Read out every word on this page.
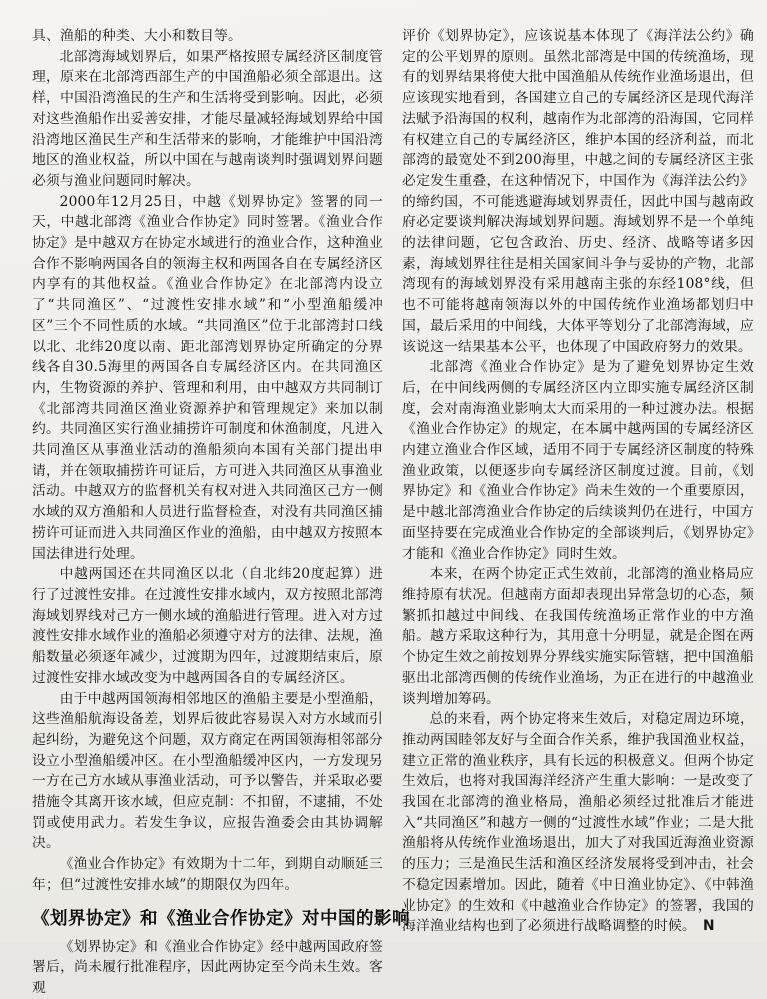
具、渔船的种类、大小和数目等。

北部湾海域划界后，如果严格按照专属经济区制度管理，原来在北部湾西部生产的中国渔船必须全部退出。这样，中国沿湾渔民的生产和生活将受到影响。因此，必须对这些渔船作出妥善安排，才能尽量减轻海域划界给中国沿湾地区渔民生产和生活带来的影响，才能维护中国沿湾地区的渔业权益，所以中国在与越南谈判时强调划界问题必须与渔业问题同时解决。

2000年12月25日，中越《划界协定》签署的同一天，中越北部湾《渔业合作协定》同时签署。《渔业合作协定》是中越双方在协定水域进行的渔业合作，这种渔业合作不影响两国各自的领海主权和两国各自在专属经济区内享有的其他权益。《渔业合作协定》在北部湾内设立了“共同渔区”、“过渡性安排水域”和“小型渔船缓冲区”三个不同性质的水域。“共同渔区”位于北部湾封口线以北、北纬20度以南、距北部湾划界协定所确定的分界线各自30.5海里的两国各自专属经济区内。在共同渔区内，生物资源的养护、管理和利用，由中越双方共同制订《北部湾共同渔区渔业资源养护和管理规定》来加以制约。共同渔区实行渔业捕捞许可制度和休渔制度，凡进入共同渔区从事渔业活动的渔船须向本国有关部门提出申请，并在领取捕捞许可证后，方可进入共同渔区从事渔业活动。中越双方的监督机关有权对进入共同渔区己方一侧水域的双方渔船和人员进行监督检查，对没有共同渔区捕捞许可证而进入共同渔区作业的渔船，由中越双方按照本国法律进行处理。

中越两国还在共同渔区以北（自北纬20度起算）进行了过渡性安排。在过渡性安排水域内，双方按照北部湾海域划界线对己方一侧水域的渔船进行管理。进入对方过渡性安排水域作业的渔船必须遵守对方的法律、法规，渔船数量必须逐年减少，过渡期为四年，过渡期结束后，原过渡性安排水域改变为中越两国各自的专属经济区。

由于中越两国领海相邻地区的渔船主要是小型渔船，这些渔船航海设备差，划界后彼此容易误入对方水域而引起纠纷，为避免这个问题，双方商定在两国领海相邻部分设立小型渔船缓冲区。在小型渔船缓冲区内，一方发现另一方在己方水域从事渔业活动，可予以警告，并采取必要措施令其离开该水域，但应克制：不扣留，不逮捕，不处罚或使用武力。若发生争议，应报告渔委会由其协调解决。

《渔业合作协定》有效期为十二年，到期自动顺延三年；但“过渡性安排水域”的期限仅为四年。

《划界协定》和《渔业合作协定》对中国的影响

《划界协定》和《渔业合作协定》经中越两国政府签署后，尚未履行批准程序，因此两协定至今尚未生效。客观

评价《划界协定》，应该说基本体现了《海洋法公约》确定的公平划界的原则。虽然北部湾是中国的传统渔场，现有的划界结果将使大批中国渔船从传统作业渔场退出，但应该现实地看到，各国建立自己的专属经济区是现代海洋法赋予沿海国的权利，越南作为北部湾的沿海国，它同样有权建立自己的专属经济区，维护本国的经济利益，而北部湾的最宽处不到200海里，中越之间的专属经济区主张必定发生重叠，在这种情况下，中国作为《海洋法公约》的缔约国，不可能逃避海域划界责任，因此中国与越南政府必定要谈判解决海域划界问题。海域划界不是一个单纯的法律问题，它包含政治、历史、经济、战略等诸多因素，海域划界往往是相关国家间斗争与妥协的产物，北部湾现有的海域划界没有采用越南主张的东经108°线，但也不可能将越南领海以外的中国传统作业渔场都划归中国，最后采用的中间线，大体平等划分了北部湾海域，应该说这一结果基本公平，也体现了中国政府努力的效果。

北部湾《渔业合作协定》是为了避免划界协定生效后，在中间线两侧的专属经济区内立即实施专属经济区制度，会对南海渔业影响太大而采用的一种过渡办法。根据《渔业合作协定》的规定，在本属中越两国的专属经济区内建立渔业合作区域，适用不同于专属经济区制度的特殊渔业政策，以便逐步向专属经济区制度过渡。目前，《划界协定》和《渔业合作协定》尚未生效的一个重要原因，是中越北部湾渔业合作协定的后续谈判仍在进行，中国方面坚持要在完成渔业合作协定的全部谈判后，《划界协定》才能和《渔业合作协定》同时生效。

本来，在两个协定正式生效前，北部湾的渔业格局应维持原有状况。但越南方面却表现出异常急切的心态，频繁抓扣越过中间线、在我国传统渔场正常作业的中方渔船。越方采取这种行为，其用意十分明显，就是企图在两个协定生效之前按划界分界线实施实际管辖，把中国渔船驱出北部湾西侧的传统作业渔场，为正在进行的中越渔业谈判增加筹码。

总的来看，两个协定将来生效后，对稳定周边环境，推动两国睦邻友好与全面合作关系，维护我国渔业权益，建立正常的渔业秩序，具有长远的积极意义。但两个协定生效后，也将对我国海洋经济产生重大影响：一是改变了我国在北部湾的渔业格局，渔船必须经过批准后才能进入“共同渔区”和越方一侧的“过渡性水域”作业；二是大批渔船将从传统作业渔场退出，加大了对我国近海渔业资源的压力；三是渔民生活和渔区经济发展将受到冲击，社会不稳定因素增加。因此，随着《中日渔业协定》、《中韩渔业协定》的生效和《中越渔业合作协定》的签署，我国的海洋渔业结构也到了必须进行战略调整的时候。　N
